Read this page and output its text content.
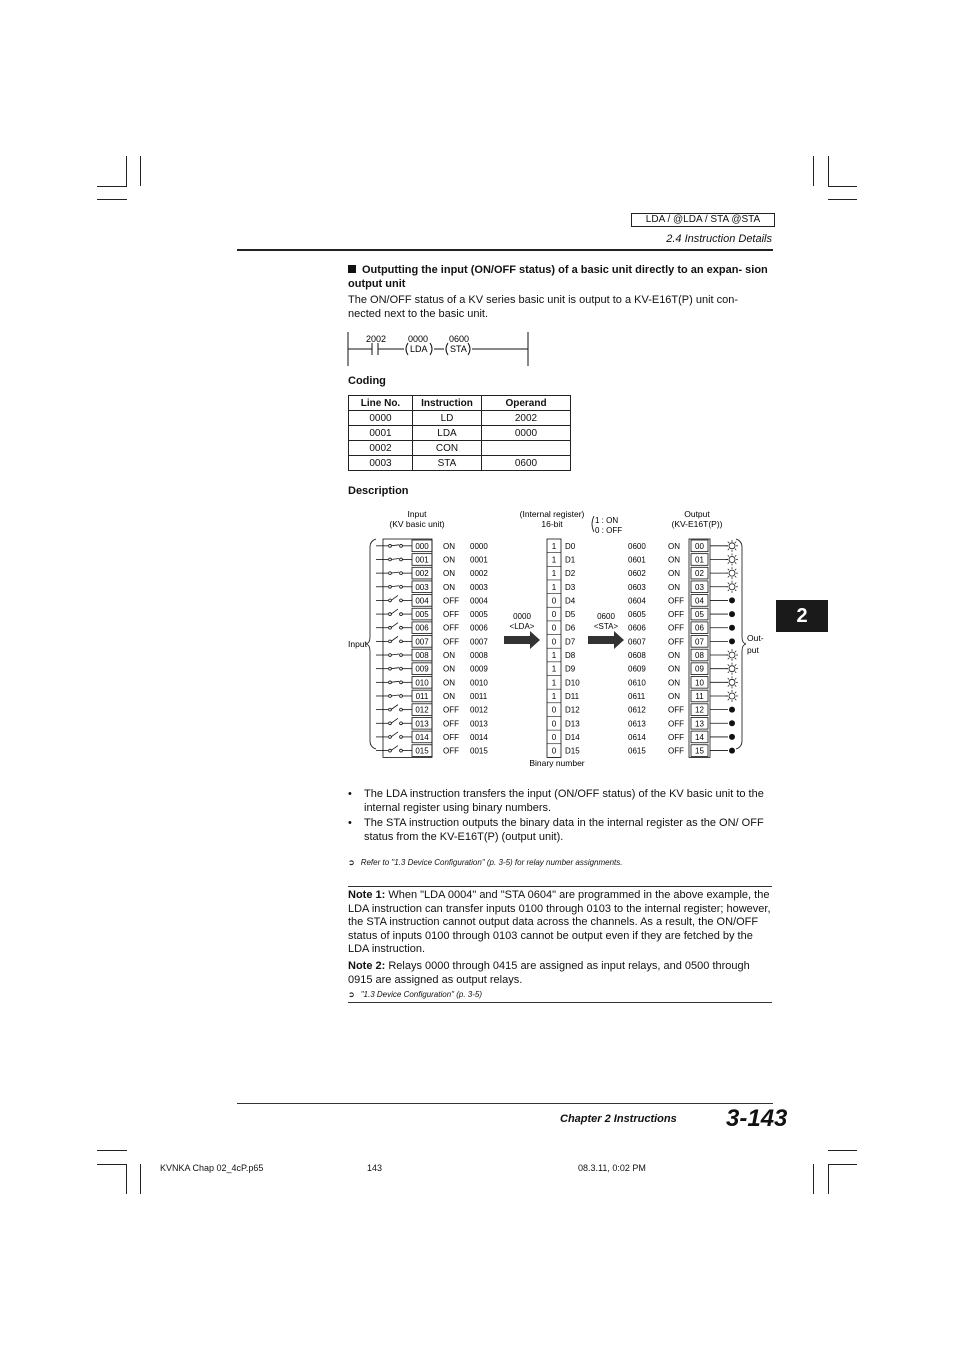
LDA / @LDA / STA @STA
2.4 Instruction Details
Outputting the input (ON/OFF status) of a basic unit directly to an expan- sion output unit
The ON/OFF status of a KV series basic unit is output to a KV-E16T(P) unit con- nected next to the basic unit.
2002 0000
LDA
0600
STA
Coding
Line No.	Instruction	Operand
0000	LD	2002
0001	LDA	0000
0002	CON	
0003	STA	0600
Description
Input
(KV basic unit)
(Internal register)
16-bit	1 : ON
0 : OFF
Output
(KV-E16T(P))
Input
Out-
put
0000
<LDA>
0600
<STA>
Binary number
000 ON 0000	1 D0	0600	ON 00
001 ON 0001	1 D1	0601	ON 01
002 ON 0002	1 D2	0602	ON 02
003 ON 0003	1 D3	0603	ON 03
004 OFF 0004	0 D4	0604	OFF 04
005 OFF 0005	0 D5	0605	OFF 05
006 OFF 0006	0 D6	0606	OFF 06
007 OFF 0007	0 D7	0607	OFF 07
008 ON 0008	1 D8	0608	ON 08
009 ON 0009	1 D9	0609	ON 09
010 ON 0010	1 D10	0610	ON 10
011 ON 0011	1 D11	0611	ON 11
012 OFF 0012	0 D12	0612	OFF 12
013 OFF 0013	0 D13	0613	OFF 13
014 OFF 0014	0 D14	0614	OFF 14
015 OFF 0015	0 D15	0615	OFF 15
2
• The LDA instruction transfers the input (ON/OFF status) of the KV basic unit to the internal register using binary numbers.
• The STA instruction outputs the binary data in the internal register as the ON/ OFF status from the KV-E16T(P) (output unit).
➲ Refer to "1.3 Device Configuration" (p. 3-5) for relay number assignments.
Note 1: When "LDA 0004" and "STA 0604" are programmed in the above example, the LDA instruction can transfer inputs 0100 through 0103 to the internal register; however, the STA instruction cannot output data across the channels. As a result, the ON/OFF status of inputs 0100 through 0103 cannot be output even if they are fetched by the LDA instruction.
Note 2: Relays 0000 through 0415 are assigned as input relays, and 0500 through 0915 are assigned as output relays.
➲ "1.3 Device Configuration" (p. 3-5)
Chapter 2 Instructions 3-143
KVNKA Chap 02_4cP.p65	143	08.3.11, 0:02 PM
